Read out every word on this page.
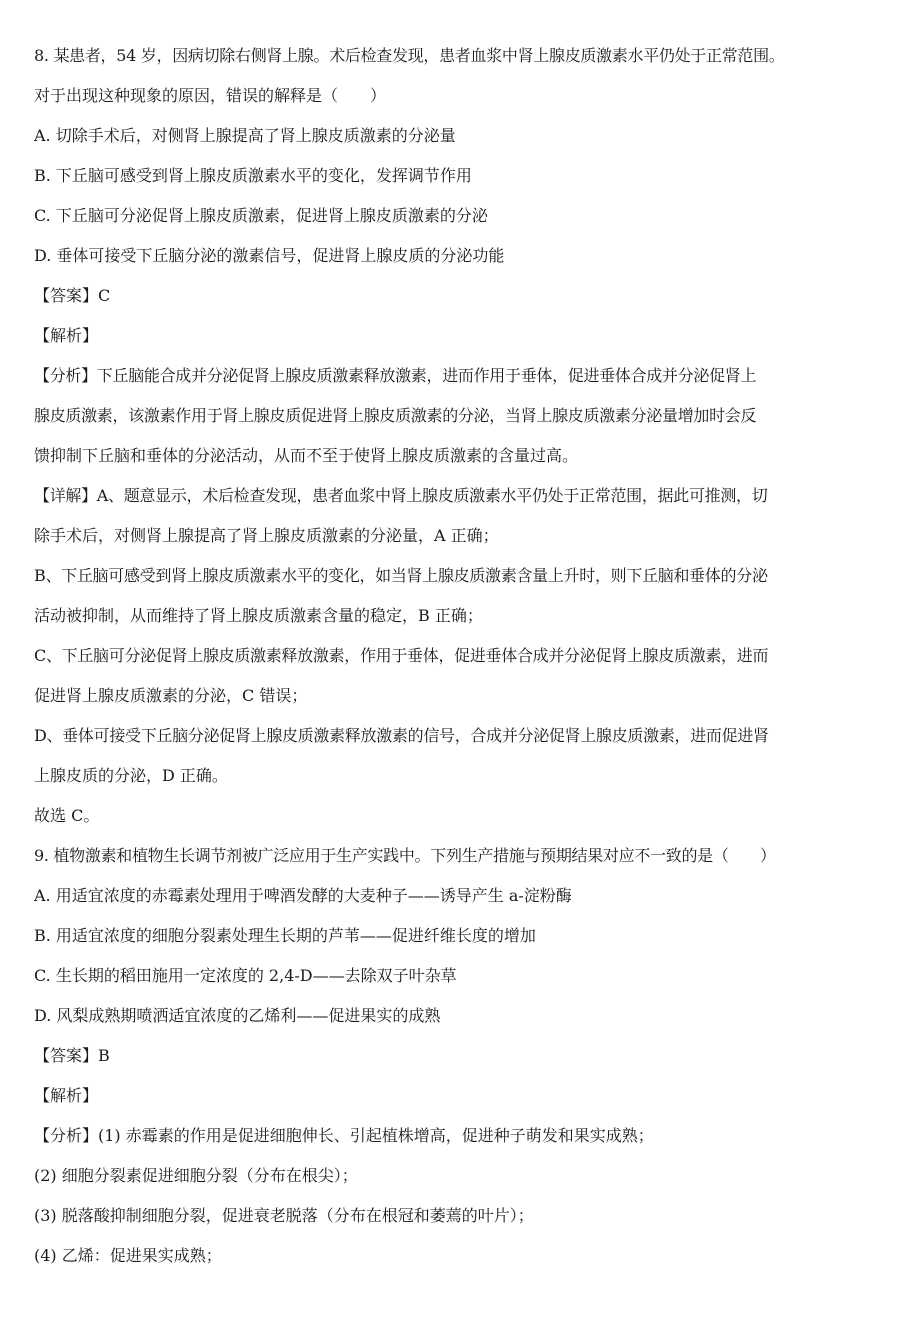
8. 某患者，54 岁，因病切除右侧肾上腺。术后检查发现，患者血浆中肾上腺皮质激素水平仍处于正常范围。
对于出现这种现象的原因，错误的解释是（　　）
A. 切除手术后，对侧肾上腺提高了肾上腺皮质激素的分泌量
B. 下丘脑可感受到肾上腺皮质激素水平的变化，发挥调节作用
C. 下丘脑可分泌促肾上腺皮质激素，促进肾上腺皮质激素的分泌
D. 垂体可接受下丘脑分泌的激素信号，促进肾上腺皮质的分泌功能
【答案】C
【解析】
【分析】下丘脑能合成并分泌促肾上腺皮质激素释放激素，进而作用于垂体，促进垂体合成并分泌促肾上
腺皮质激素，该激素作用于肾上腺皮质促进肾上腺皮质激素的分泌，当肾上腺皮质激素分泌量增加时会反
馈抑制下丘脑和垂体的分泌活动，从而不至于使肾上腺皮质激素的含量过高。
【详解】A、题意显示，术后检查发现，患者血浆中肾上腺皮质激素水平仍处于正常范围，据此可推测，切
除手术后，对侧肾上腺提高了肾上腺皮质激素的分泌量，A 正确；
B、下丘脑可感受到肾上腺皮质激素水平的变化，如当肾上腺皮质激素含量上升时，则下丘脑和垂体的分泌
活动被抑制，从而维持了肾上腺皮质激素含量的稳定，B 正确；
C、下丘脑可分泌促肾上腺皮质激素释放激素，作用于垂体，促进垂体合成并分泌促肾上腺皮质激素，进而
促进肾上腺皮质激素的分泌，C 错误；
D、垂体可接受下丘脑分泌促肾上腺皮质激素释放激素的信号，合成并分泌促肾上腺皮质激素，进而促进肾
上腺皮质的分泌，D 正确。
故选 C。
9. 植物激素和植物生长调节剂被广泛应用于生产实践中。下列生产措施与预期结果对应不一致的是（　　）
A. 用适宜浓度的赤霉素处理用于啤酒发酵的大麦种子——诱导产生 a-淀粉酶
B. 用适宜浓度的细胞分裂素处理生长期的芦苇——促进纤维长度的增加
C. 生长期的稻田施用一定浓度的 2,4-D——去除双子叶杂草
D. 风梨成熟期喷洒适宜浓度的乙烯利——促进果实的成熟
【答案】B
【解析】
【分析】(1) 赤霉素的作用是促进细胞伸长、引起植株增高，促进种子萌发和果实成熟；
(2) 细胞分裂素促进细胞分裂（分布在根尖）；
(3) 脱落酸抑制细胞分裂，促进衰老脱落（分布在根冠和萎蔫的叶片）；
(4) 乙烯：促进果实成熟；
